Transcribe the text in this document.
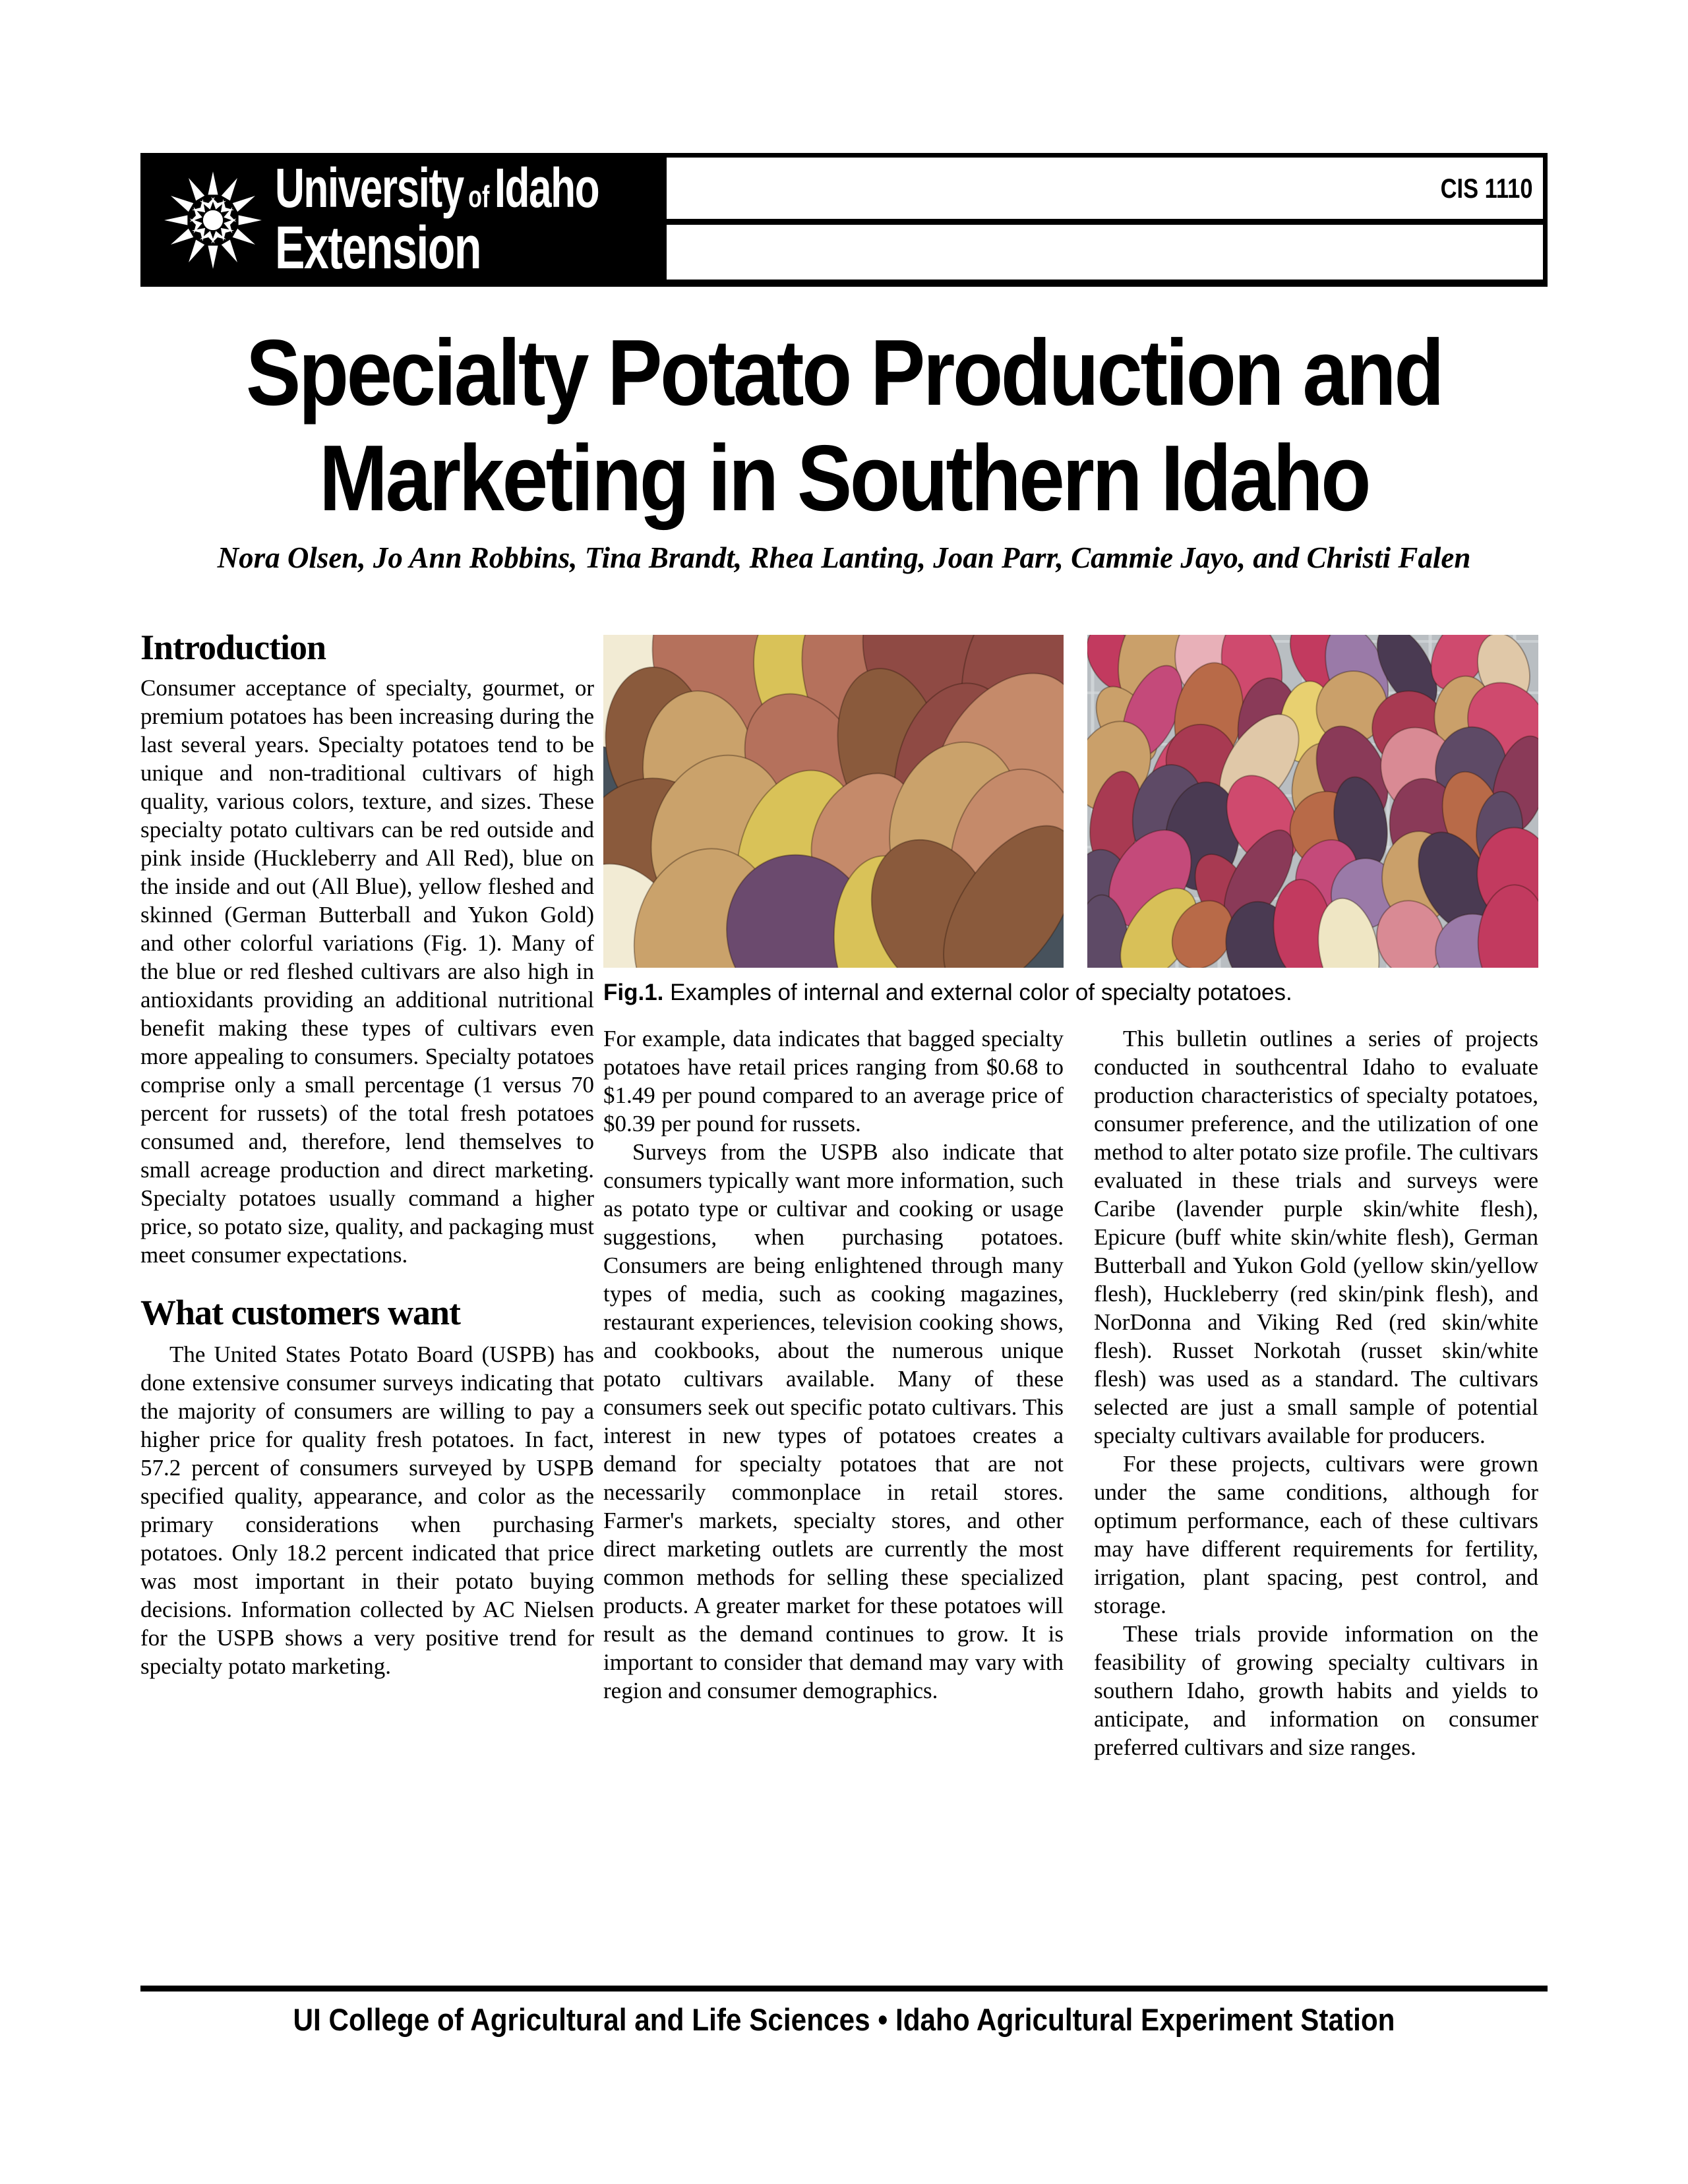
University of Idaho
Extension
CIS 1110
Specialty Potato Production and
Marketing in Southern Idaho
Nora Olsen, Jo Ann Robbins, Tina Brandt, Rhea Lanting, Joan Parr, Cammie Jayo, and Christi Falen
Introduction

Consumer acceptance of specialty, gourmet, or premium potatoes has been increasing during the last several years. Specialty potatoes tend to be unique and non-traditional cultivars of high quality, various colors, texture, and sizes. These specialty potato cultivars can be red outside and pink inside (Huckleberry and All Red), blue on the inside and out (All Blue), yellow fleshed and skinned (German Butterball and Yukon Gold) and other colorful variations (Fig. 1). Many of the blue or red fleshed cultivars are also high in antioxidants providing an additional nutritional benefit making these types of cultivars even more appealing to consumers. Specialty potatoes comprise only a small percentage (1 versus 70 percent for russets) of the total fresh potatoes consumed and, therefore, lend themselves to small acreage production and direct marketing. Specialty potatoes usually command a higher price, so potato size, quality, and packaging must meet consumer expectations.

What customers want

The United States Potato Board (USPB) has done extensive consumer surveys indicating that the majority of consumers are willing to pay a higher price for quality fresh potatoes. In fact, 57.2 percent of consumers surveyed by USPB specified quality, appearance, and color as the primary considerations when purchasing potatoes. Only 18.2 percent indicated that price was most important in their potato buying decisions. Information collected by AC Nielsen for the USPB shows a very positive trend for specialty potato marketing.

Fig.1. Examples of internal and external color of specialty potatoes.

For example, data indicates that bagged specialty potatoes have retail prices ranging from $0.68 to $1.49 per pound compared to an average price of $0.39 per pound for russets.

Surveys from the USPB also indicate that consumers typically want more information, such as potato type or cultivar and cooking or usage suggestions, when purchasing potatoes. Consumers are being enlightened through many types of media, such as cooking magazines, restaurant experiences, television cooking shows, and cookbooks, about the numerous unique potato cultivars available. Many of these consumers seek out specific potato cultivars. This interest in new types of potatoes creates a demand for specialty potatoes that are not necessarily commonplace in retail stores. Farmer's markets, specialty stores, and other direct marketing outlets are currently the most common methods for selling these specialized products. A greater market for these potatoes will result as the demand continues to grow. It is important to consider that demand may vary with region and consumer demographics.

This bulletin outlines a series of projects conducted in southcentral Idaho to evaluate production characteristics of specialty potatoes, consumer preference, and the utilization of one method to alter potato size profile. The cultivars evaluated in these trials and surveys were Caribe (lavender purple skin/white flesh), Epicure (buff white skin/white flesh), German Butterball and Yukon Gold (yellow skin/yellow flesh), Huckleberry (red skin/pink flesh), and NorDonna and Viking Red (red skin/white flesh). Russet Norkotah (russet skin/white flesh) was used as a standard. The cultivars selected are just a small sample of potential specialty cultivars available for producers.

For these projects, cultivars were grown under the same conditions, although for optimum performance, each of these cultivars may have different requirements for fertility, irrigation, plant spacing, pest control, and storage.

These trials provide information on the feasibility of growing specialty cultivars in southern Idaho, growth habits and yields to anticipate, and information on consumer preferred cultivars and size ranges.

UI College of Agricultural and Life Sciences • Idaho Agricultural Experiment Station
